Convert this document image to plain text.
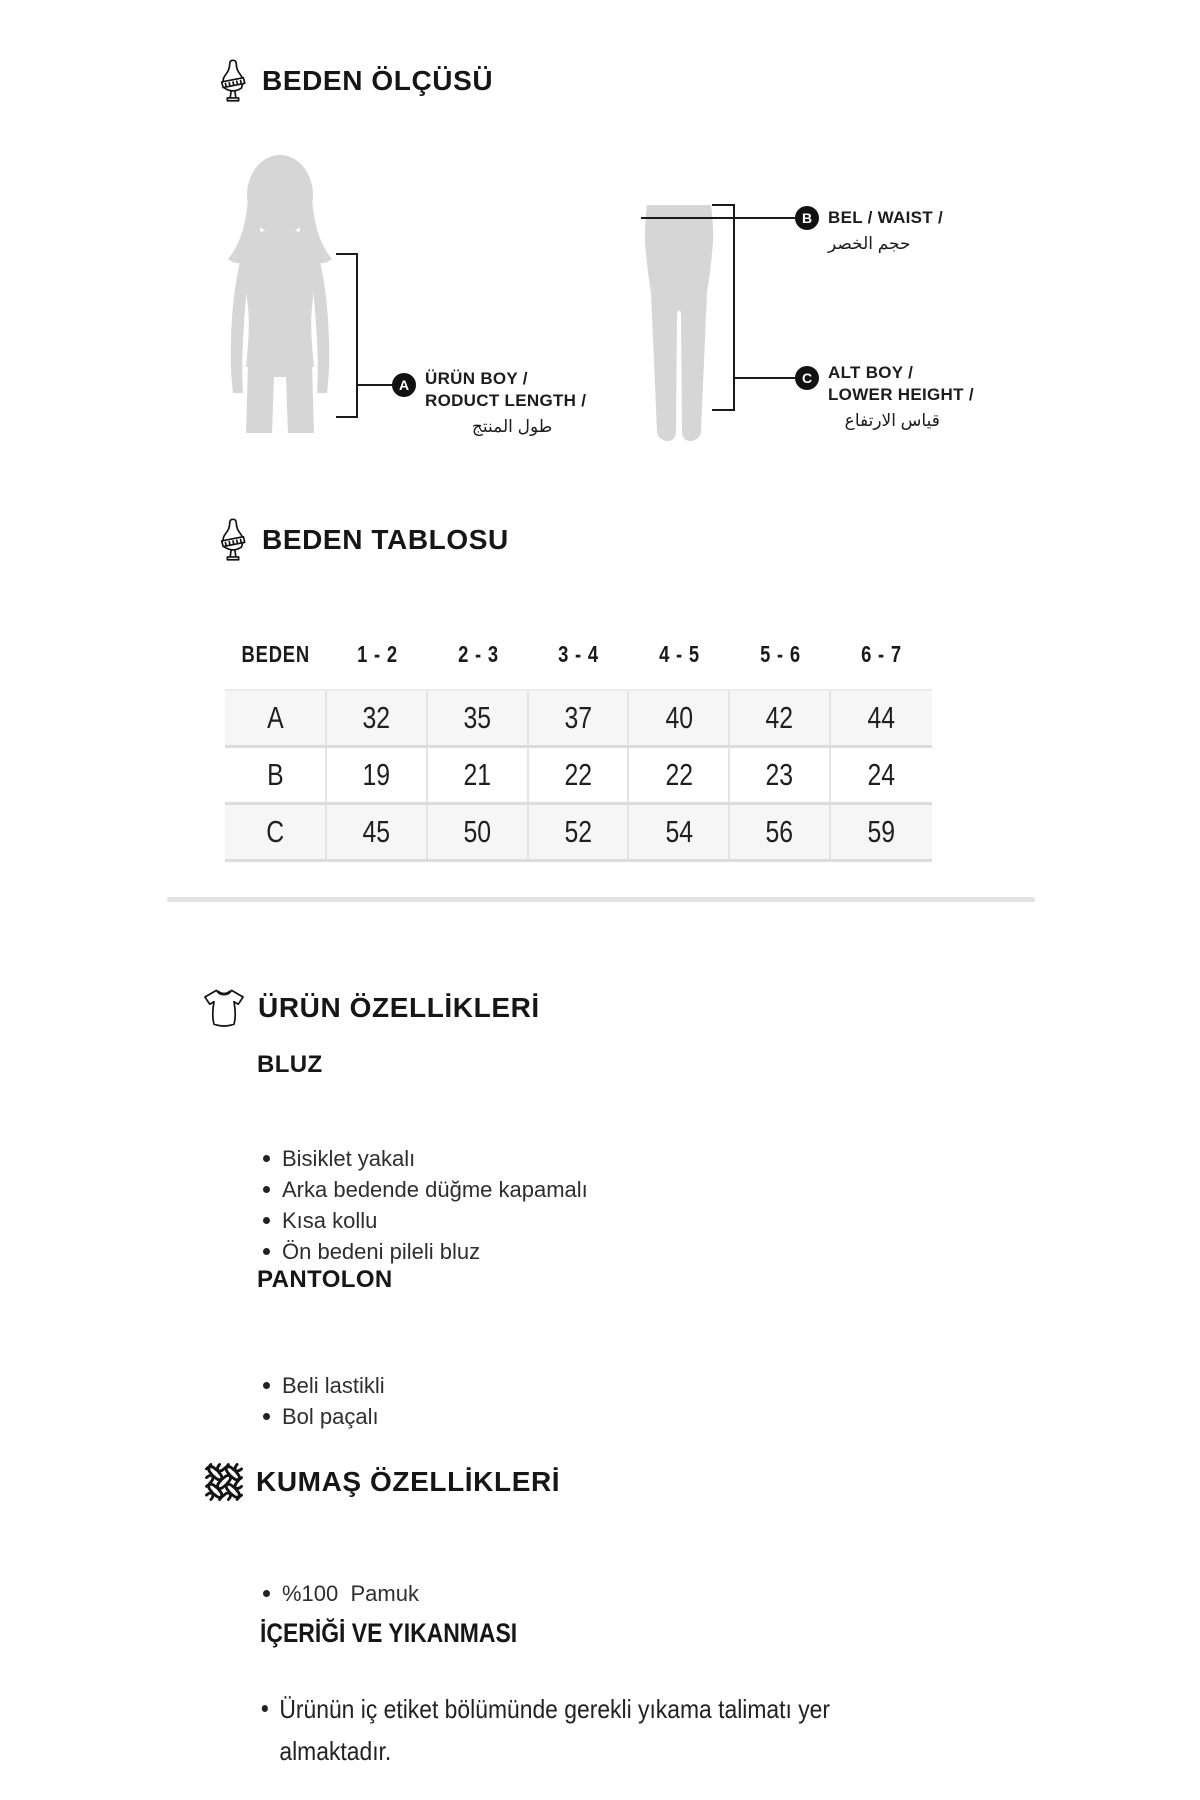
BEDEN ÖLÇÜSÜ
A ÜRÜN BOY /
RODUCT LENGTH /
طول المنتج
B BEL / WAIST /
حجم الخصر
C ALT BOY /
LOWER HEIGHT /
قياس الارتفاع
BEDEN TABLOSU
BEDEN 1 - 2	2 - 3	3 - 4	4 - 5	5 - 6	6 - 7
A	32 35 37 40 42 44
B	19 21 22 22 23 24
C	45 50 52 54 56 59
ÜRÜN ÖZELLİKLERİ
BLUZ

Bisiklet yakalı
Arka bedende düğme kapamalı
Kısa kollu
Ön bedeni pileli bluz
PANTOLON

Beli lastikli
Bol paçalı
KUMAŞ ÖZELLİKLERİ

%100  Pamuk
İÇERİĞİ VE YIKANMASI
Ürünün iç etiket bölümünde gerekli yıkama talimatı yer almaktadır.
